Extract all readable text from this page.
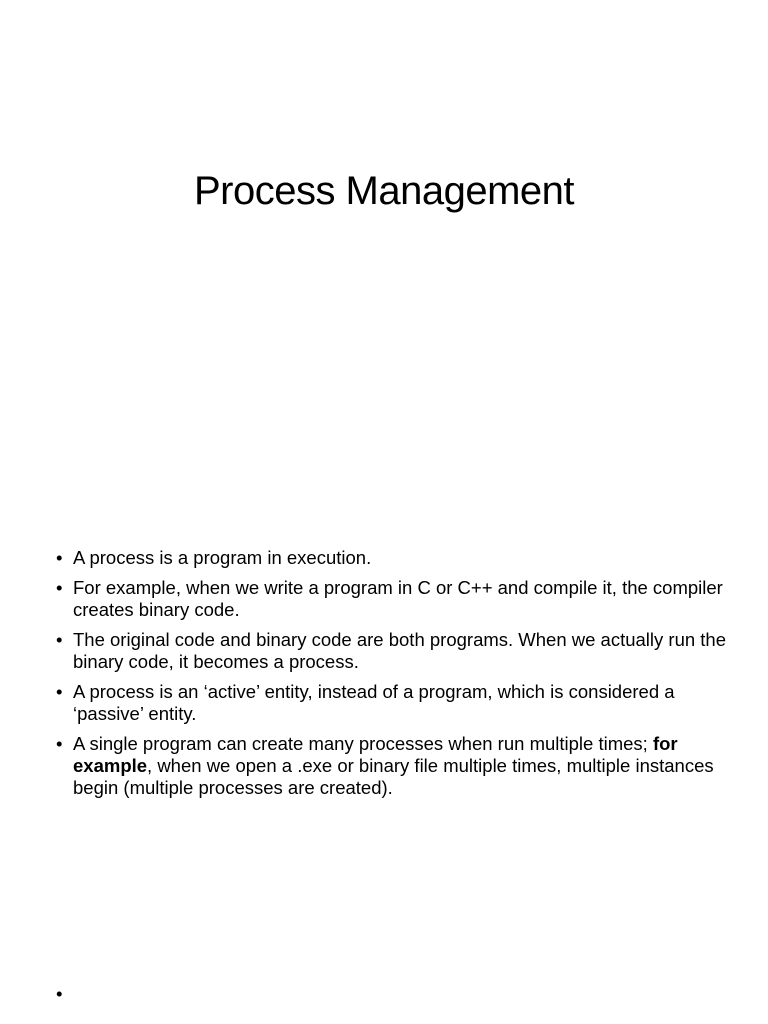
Process Management
• A process is a program in execution.
• For example, when we write a program in C or C++ and compile it, the compiler creates binary code.
• The original code and binary code are both programs. When we actually run the binary code, it becomes a process.
• A process is an ‘active’ entity, instead of a program, which is considered a ‘passive’ entity.
• A single program can create many processes when run multiple times; for example, when we open a .exe or binary file multiple times, multiple instances begin (multiple processes are created).
•
